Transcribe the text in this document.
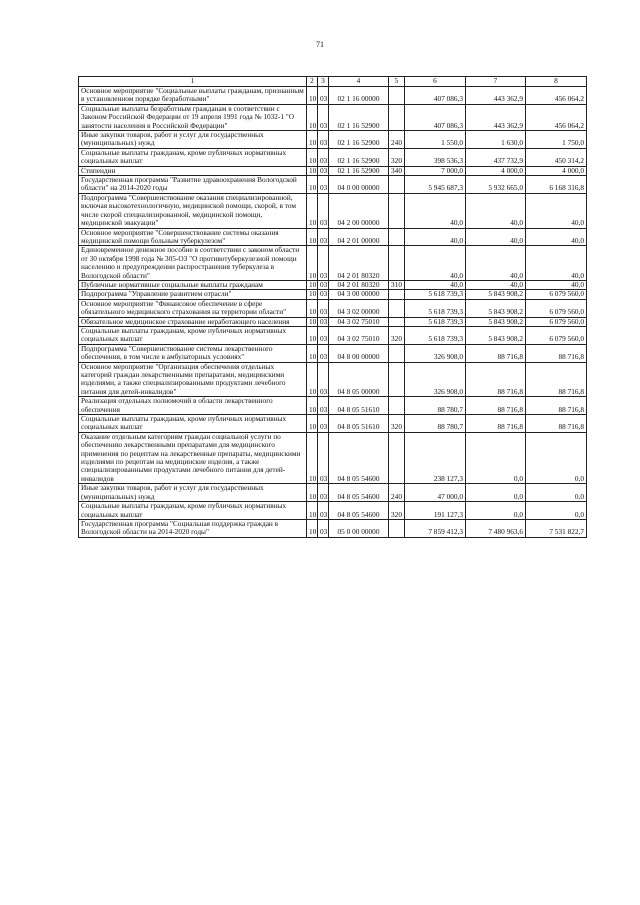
71
1	2	3	4	5	6	7	8
Основное мероприятие "Социальные выплаты гражданам, признанным в установленном порядке безработными"	10	03	02 1 16 00000		407 086,3	443 362,9	456 064,2
Социальные выплаты безработным гражданам в соответствии с Законом Российской Федерации от 19 апреля 1991 года № 1032-1 "О занятости населения в Российской Федерации"	10	03	02 1 16 52900		407 086,3	443 362,9	456 064,2
Иные закупки товаров, работ и услуг для государственных (муниципальных) нужд	10	03	02 1 16 52900	240	1 550,0	1 630,0	1 750,0
Социальные выплаты гражданам, кроме публичных нормативных социальных выплат	10	03	02 1 16 52900	320	398 536,3	437 732,9	450 314,2
Стипендии	10	03	02 1 16 52900	340	7 000,0	4 000,0	4 000,0
Государственная программа "Развитие здравоохранения Вологодской области" на 2014-2020 годы	10	03	04 0 00 00000		5 945 687,3	5 932 665,0	6 168 316,8
Подпрограмма "Совершенствование оказания специализированной, включая высокотехнологичную, медицинской помощи, скорой, в том числе скорой специализированной, медицинской помощи, медицинской эвакуации"	10	03	04 2 00 00000		40,0	40,0	40,0
Основное мероприятие "Совершенствование системы оказания медицинской помощи больным туберкулезом"	10	03	04 2 01 00000		40,0	40,0	40,0
Единовременное денежное пособие в соответствии с законом области от 30 октября 1998 года № 305-ОЗ "О противотуберкулезной помощи населению и предупреждении распространения туберкулеза в Вологодской области"	10	03	04 2 01 80320		40,0	40,0	40,0
Публичные нормативные социальные выплаты гражданам	10	03	04 2 01 80320	310	40,0	40,0	40,0
Подпрограмма "Управление развитием отрасли"	10	03	04 3 00 00000		5 618 739,3	5 843 908,2	6 079 560,0
Основное мероприятие "Финансовое обеспечение в сфере обязательного медицинского страхования на территории области"	10	03	04 3 02 00000		5 618 739,3	5 843 908,2	6 079 560,0
Обязательное медицинское страхование неработающего населения	10	03	04 3 02 75010		5 618 739,3	5 843 908,2	6 079 560,0
Социальные выплаты гражданам, кроме публичных нормативных социальных выплат	10	03	04 3 02 75010	320	5 618 739,3	5 843 908,2	6 079 560,0
Подпрограмма "Совершенствование системы лекарственного обеспечения, в том числе в амбулаторных условиях"	10	03	04 8 00 00000		326 908,0	88 716,8	88 716,8
Основное мероприятие "Организация обеспечения отдельных категорий граждан лекарственными препаратами, медицинскими изделиями, а также специализированными продуктами лечебного питания для детей-инвалидов"	10	03	04 8 05 00000		326 908,0	88 716,8	88 716,8
Реализация отдельных полномочий в области лекарственного обеспечения	10	03	04 8 05 51610		88 780,7	88 716,8	88 716,8
Социальные выплаты гражданам, кроме публичных нормативных социальных выплат	10	03	04 8 05 51610	320	88 780,7	88 716,8	88 716,8
Оказание отдельным категориям граждан социальной услуги по обеспечению лекарственными препаратами для медицинского применения по рецептам на лекарственные препараты, медицинскими изделиями по рецептам на медицинские изделия, а также специализированными продуктами лечебного питания для детей-инвалидов	10	03	04 8 05 54600		238 127,3	0,0	0,0
Иные закупки товаров, работ и услуг для государственных (муниципальных) нужд	10	03	04 8 05 54600	240	47 000,0	0,0	0,0
Социальные выплаты гражданам, кроме публичных нормативных социальных выплат	10	03	04 8 05 54600	320	191 127,3	0,0	0,0
Государственная программа "Социальная поддержка граждан в Вологодской области на 2014-2020 годы"	10	03	05 0 00 00000		7 859 412,3	7 480 963,6	7 531 822,7
